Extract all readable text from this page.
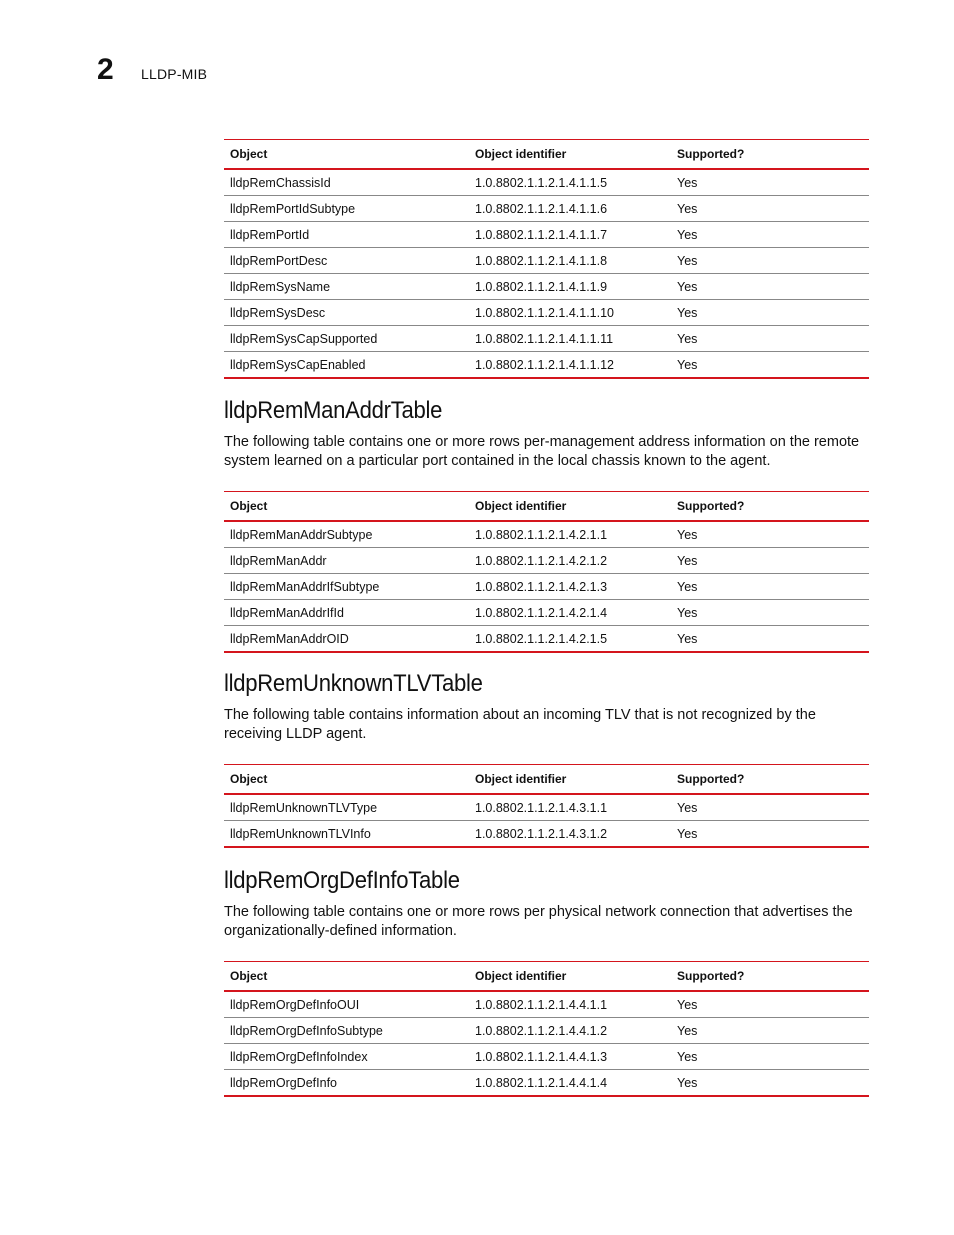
2 LLDP-MIB
Object	Object identifier	Supported?
lldpRemChassisId	1.0.8802.1.1.2.1.4.1.1.5	Yes
lldpRemPortIdSubtype	1.0.8802.1.1.2.1.4.1.1.6	Yes
lldpRemPortId	1.0.8802.1.1.2.1.4.1.1.7	Yes
lldpRemPortDesc	1.0.8802.1.1.2.1.4.1.1.8	Yes
lldpRemSysName	1.0.8802.1.1.2.1.4.1.1.9	Yes
lldpRemSysDesc	1.0.8802.1.1.2.1.4.1.1.10	Yes
lldpRemSysCapSupported	1.0.8802.1.1.2.1.4.1.1.11	Yes
lldpRemSysCapEnabled	1.0.8802.1.1.2.1.4.1.1.12	Yes
lldpRemManAddrTable

The following table contains one or more rows per-management address information on the remote system learned on a particular port contained in the local chassis known to the agent.

Object	Object identifier	Supported?
lldpRemManAddrSubtype	1.0.8802.1.1.2.1.4.2.1.1	Yes
lldpRemManAddr	1.0.8802.1.1.2.1.4.2.1.2	Yes
lldpRemManAddrIfSubtype	1.0.8802.1.1.2.1.4.2.1.3	Yes
lldpRemManAddrIfId	1.0.8802.1.1.2.1.4.2.1.4	Yes
lldpRemManAddrOID	1.0.8802.1.1.2.1.4.2.1.5	Yes
lldpRemUnknownTLVTable

The following table contains information about an incoming TLV that is not recognized by the receiving LLDP agent.

Object	Object identifier	Supported?
lldpRemUnknownTLVType	1.0.8802.1.1.2.1.4.3.1.1	Yes
lldpRemUnknownTLVInfo	1.0.8802.1.1.2.1.4.3.1.2	Yes
lldpRemOrgDefInfoTable

The following table contains one or more rows per physical network connection that advertises the organizationally-defined information.

Object	Object identifier	Supported?
lldpRemOrgDefInfoOUI	1.0.8802.1.1.2.1.4.4.1.1	Yes
lldpRemOrgDefInfoSubtype	1.0.8802.1.1.2.1.4.4.1.2	Yes
lldpRemOrgDefInfoIndex	1.0.8802.1.1.2.1.4.4.1.3	Yes
lldpRemOrgDefInfo	1.0.8802.1.1.2.1.4.4.1.4	Yes
